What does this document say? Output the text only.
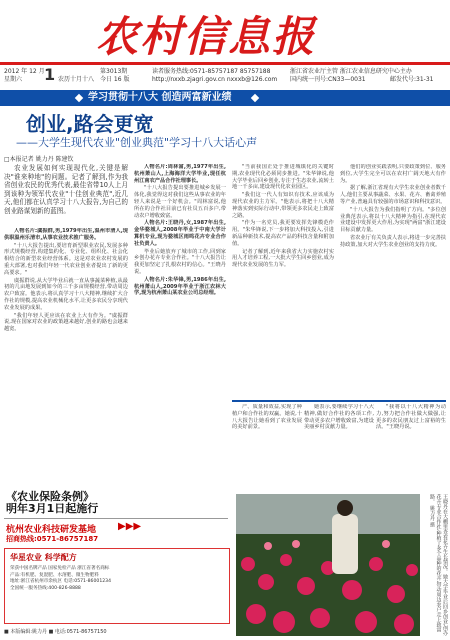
农村信息报
2012 年 12 月 1
星期六	农历十月十八
第3013期
今日 16 版
读者服务热线:0571-85757187 85757188
http://nxxb.zjagri.gov.cn nxxxb@126.com
浙江省农业厅主管 浙江农业信息研究中心主办
国内统一刊号:CN33—0031	邮发代号:31-31
学习贯彻十八大 创造两富新业绩
创业,路会更宽
——大学生现代农业"创业典范"学习十八大话心声
□本报记者 姚力丹 陈建钦

农业发展如何实现现代化,关键是解决"谁来种地"的问题。记者了解到,作为我省创业农民的优秀代表,最佳省带10人上月到该种为领军代农业"十佳创业典范",近几天,他们都在认真学习十八大报告,为自己的创业路谋划新的蓝图。

人物名片:虞振群,男,1979年出生,温州市清人,现供职温州乐清市,从事农业技术推广服务。

"十八大报告提出,要培育新型职业农民,发展多种形式规模经营,构建集约化、专业化、组织化、社会化相结合的新型农业经营体系。这是对农业农村发展的重大部署,也对我们年轻一代农业创业者提出了新的更高要求。"

虞振群说,从大学毕业后就一直从事蔬菜种植,从最初的几亩地发展到如今的三千多亩规模经营,带动周边农户致富。他表示,将认真学习十八大精神,继续扩大合作社的规模,提高农业机械化水平,让更多农民分享现代农业发展的成果。

"我们年轻人更应该在农业上大有作为。"虞振群说,现在国家对农业的政策越来越好,创业的路也会越来越宽。

人物名片:周林富,男,1977年出生,杭州萧山人,上海海洋大学毕业,现任杭州江南农产品合作社理事长。

"十八大报告提出要推进城乡发展一体化,我觉得这对我们这些从事农业的年轻人来说是一个好机会。"周林富说,他所在的合作社目前已有社员五百多户,带动农户增收致富。

人物名片:王晓丹,女,1987年出生,金华婺城人,2008年毕业于中南大学计算机专业,现为婺城区雨鸣花卉专业合作社负责人。

毕业后她放弃了城市的工作,回到家乡创办花卉专业合作社。"十八大报告让我更加坚定了扎根农村的信心。"王晓丹说。

人物名片:朱华锋,男,1986年出生,杭州萧山人,2009年毕业于浙江农林大学,现为杭州萧山某农业公司总经理。

"当前我国正处于推进城镇化的关键时期,农业现代化必须同步推进。"朱华锋说,他大学毕业后回乡创业,专注于生态农业,流转土地一千多亩,建设现代化农业园区。

"我们这一代人有知识有技术,应该成为现代农业的主力军。"他表示,将把十八大精神落实到实际行动中,带领更多农民走上致富之路。

"作为一名党员,我更要发挥先锋模范作用。"朱华锋说,下一步将加大科技投入,引进新品种新技术,提高农产品的科技含量和附加值。

记者了解到,近年来我省大力实施农村实用人才培养工程,一大批大学生回乡创业,成为现代农业发展的生力军。

他们的创业实践表明,只要政策到位、服务到位,大学生完全可以在农村广阔天地大有作为。

据了解,浙江省现有大学生农业创业者数千人,他们主要从事蔬菜、水果、花卉、畜禽养殖等产业,普遍具有较强的市场意识和科技意识。

"十八大报告为我们指明了方向。"多位创业典范表示,将以十八大精神为指引,在现代农业建设中发挥更大作用,为实现"两富"浙江建设目标贡献力量。

省农业厅有关负责人表示,将进一步完善扶持政策,加大对大学生农业创业的支持力度。

产、质量和效益,实现了种植户和合作社的双赢。她说,十八大报告让她看到了农业发展的美好前景。

她表示,要继续学习十八大精神,做好合作社的各项工作,带动更多农户增收致富,为建设美丽乡村贡献力量。

"我将以十八大精神为动力,努力把合作社做大做强,让更多的农民朋友过上富裕的生活。"王晓丹说。

王晓丹在大棚里查看花卉生长情况。她大学毕业后回乡创业,创办花卉专业合作社,种植了多个品种的花卉,带动周边农户走上致富路。 姚力丹 摄
《农业保险条例》
明年3月1日起施行
杭州农业科技研发基地 ▶▶▶
招商热线:0571-86757187
华星农业 科学配方
荣获中国名牌产品 国家免检产品 浙江省著名商标
产品:有机肥、复混肥、水溶肥、微生物肥料
地址:浙江省杭州市余杭区 电话:0571-86001234
全国统一服务热线:400-826-8888
■ 本版编辑:姚力丹 ■ 电话:0571-86757150
